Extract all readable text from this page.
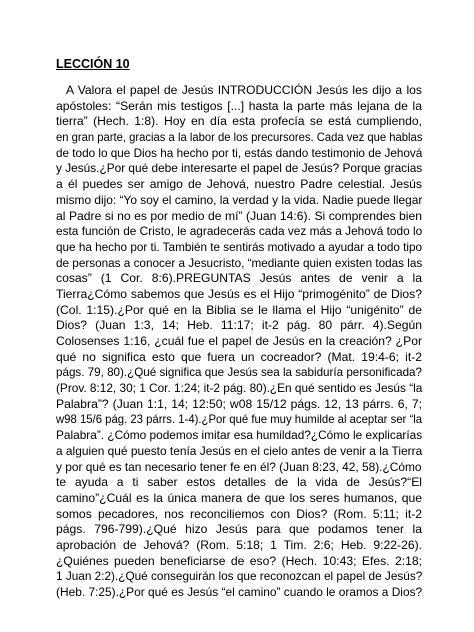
LECCIÓN 10
A Valora el papel de Jesús INTRODUCCIÓN Jesús les dijo a los
apóstoles: “Serán mis testigos [...] hasta la parte más lejana de la
tierra” (Hech. 1:8). Hoy en día esta profecía se está cumpliendo,
en gran parte, gracias a la labor de los precursores. Cada vez que hablas
de todo lo que Dios ha hecho por ti, estás dando testimonio de Jehová
y Jesús.¿Por qué debe interesarte el papel de Jesús? Porque gracias
a él puedes ser amigo de Jehová, nuestro Padre celestial. Jesús
mismo dijo: “Yo soy el camino, la verdad y la vida. Nadie puede llegar
al Padre si no es por medio de mí” (Juan 14:6). Si comprendes bien
esta función de Cristo, le agradecerás cada vez más a Jehová todo lo
que ha hecho por ti. También te sentirás motivado a ayudar a todo tipo
de personas a conocer a Jesucristo, “mediante quien existen todas las
cosas” (1 Cor. 8:6).PREGUNTAS Jesús antes de venir a la
Tierra¿Cómo sabemos que Jesús es el Hijo “primogénito” de Dios?
(Col. 1:15).¿Por qué en la Biblia se le llama el Hijo “unigénito” de
Dios? (Juan 1:3, 14; Heb. 11:17; it-2 pág. 80 párr. 4).Según
Colosenses 1:16, ¿cuál fue el papel de Jesús en la creación? ¿Por
qué no significa esto que fuera un cocreador? (Mat. 19:4-6; it-2
págs. 79, 80).¿Qué significa que Jesús sea la sabiduría personificada?
(Prov. 8:12, 30; 1 Cor. 1:24; it-2 pág. 80).¿En qué sentido es Jesús “la
Palabra”? (Juan 1:1, 14; 12:50; w08 15/12 págs. 12, 13 párrs. 6, 7;
w98 15/6 pág. 23 párrs. 1-4).¿Por qué fue muy humilde al aceptar ser “la
Palabra”. ¿Cómo podemos imitar esa humildad?¿Cómo le explicarías
a alguien qué puesto tenía Jesús en el cielo antes de venir a la Tierra
y por qué es tan necesario tener fe en él? (Juan 8:23, 42, 58).¿Cómo
te ayuda a ti saber estos detalles de la vida de Jesús?“El
camino”¿Cuál es la única manera de que los seres humanos, que
somos pecadores, nos reconciliemos con Dios? (Rom. 5:11; it-2
págs. 796-799).¿Qué hizo Jesús para que podamos tener la
aprobación de Jehová? (Rom. 5:18; 1 Tim. 2:6; Heb. 9:22-26).
¿Quiénes pueden beneficiarse de eso? (Hech. 10:43; Efes. 2:18;
1 Juan 2:2).¿Qué conseguirán los que reconozcan el papel de Jesús?
(Heb. 7:25).¿Por qué es Jesús “el camino” cuando le oramos a Dios?
